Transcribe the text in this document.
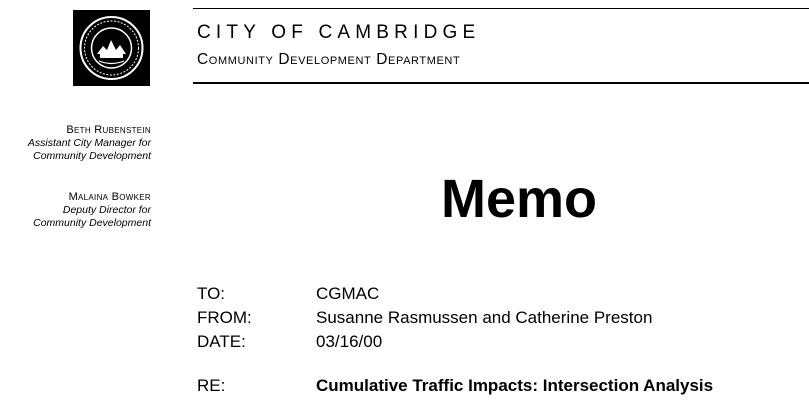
CITY OF CAMBRIDGE
Community Development Department
Beth Rubenstein
Assistant City Manager for
Community Development
Malaina Bowker
Deputy Director for
Community Development	Memo
TO:	CGMAC
FROM:	Susanne Rasmussen and Catherine Preston
DATE:	03/16/00
RE:	Cumulative Traffic Impacts: Intersection Analysis
